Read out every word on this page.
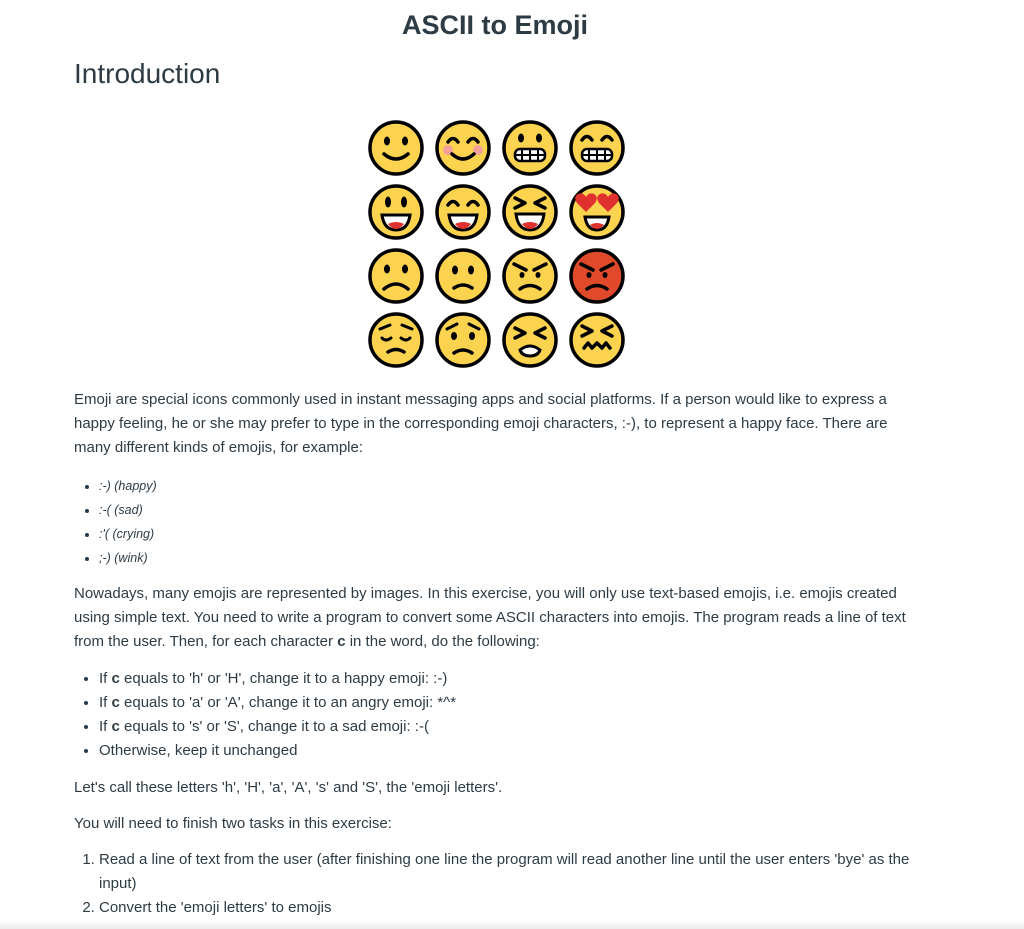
ASCII to Emoji
Introduction

Emoji are special icons commonly used in instant messaging apps and social platforms. If a person would like to express a happy feeling, he or she may prefer to type in the corresponding emoji characters, :-), to represent a happy face. There are many different kinds of emojis, for example:

• :-) (happy)
• :-( (sad)
• :'( (crying)
• ;-) (wink)

Nowadays, many emojis are represented by images. In this exercise, you will only use text-based emojis, i.e. emojis created using simple text. You need to write a program to convert some ASCII characters into emojis. The program reads a line of text from the user. Then, for each character c in the word, do the following:

• If c equals to 'h' or 'H', change it to a happy emoji: :-)
• If c equals to 'a' or 'A', change it to an angry emoji: *^*
• If c equals to 's' or 'S', change it to a sad emoji: :-(
• Otherwise, keep it unchanged

Let's call these letters 'h', 'H', 'a', 'A', 's' and 'S', the 'emoji letters'.

You will need to finish two tasks in this exercise:

1. Read a line of text from the user (after finishing one line the program will read another line until the user enters 'bye' as the input)
2. Convert the 'emoji letters' to emojis
